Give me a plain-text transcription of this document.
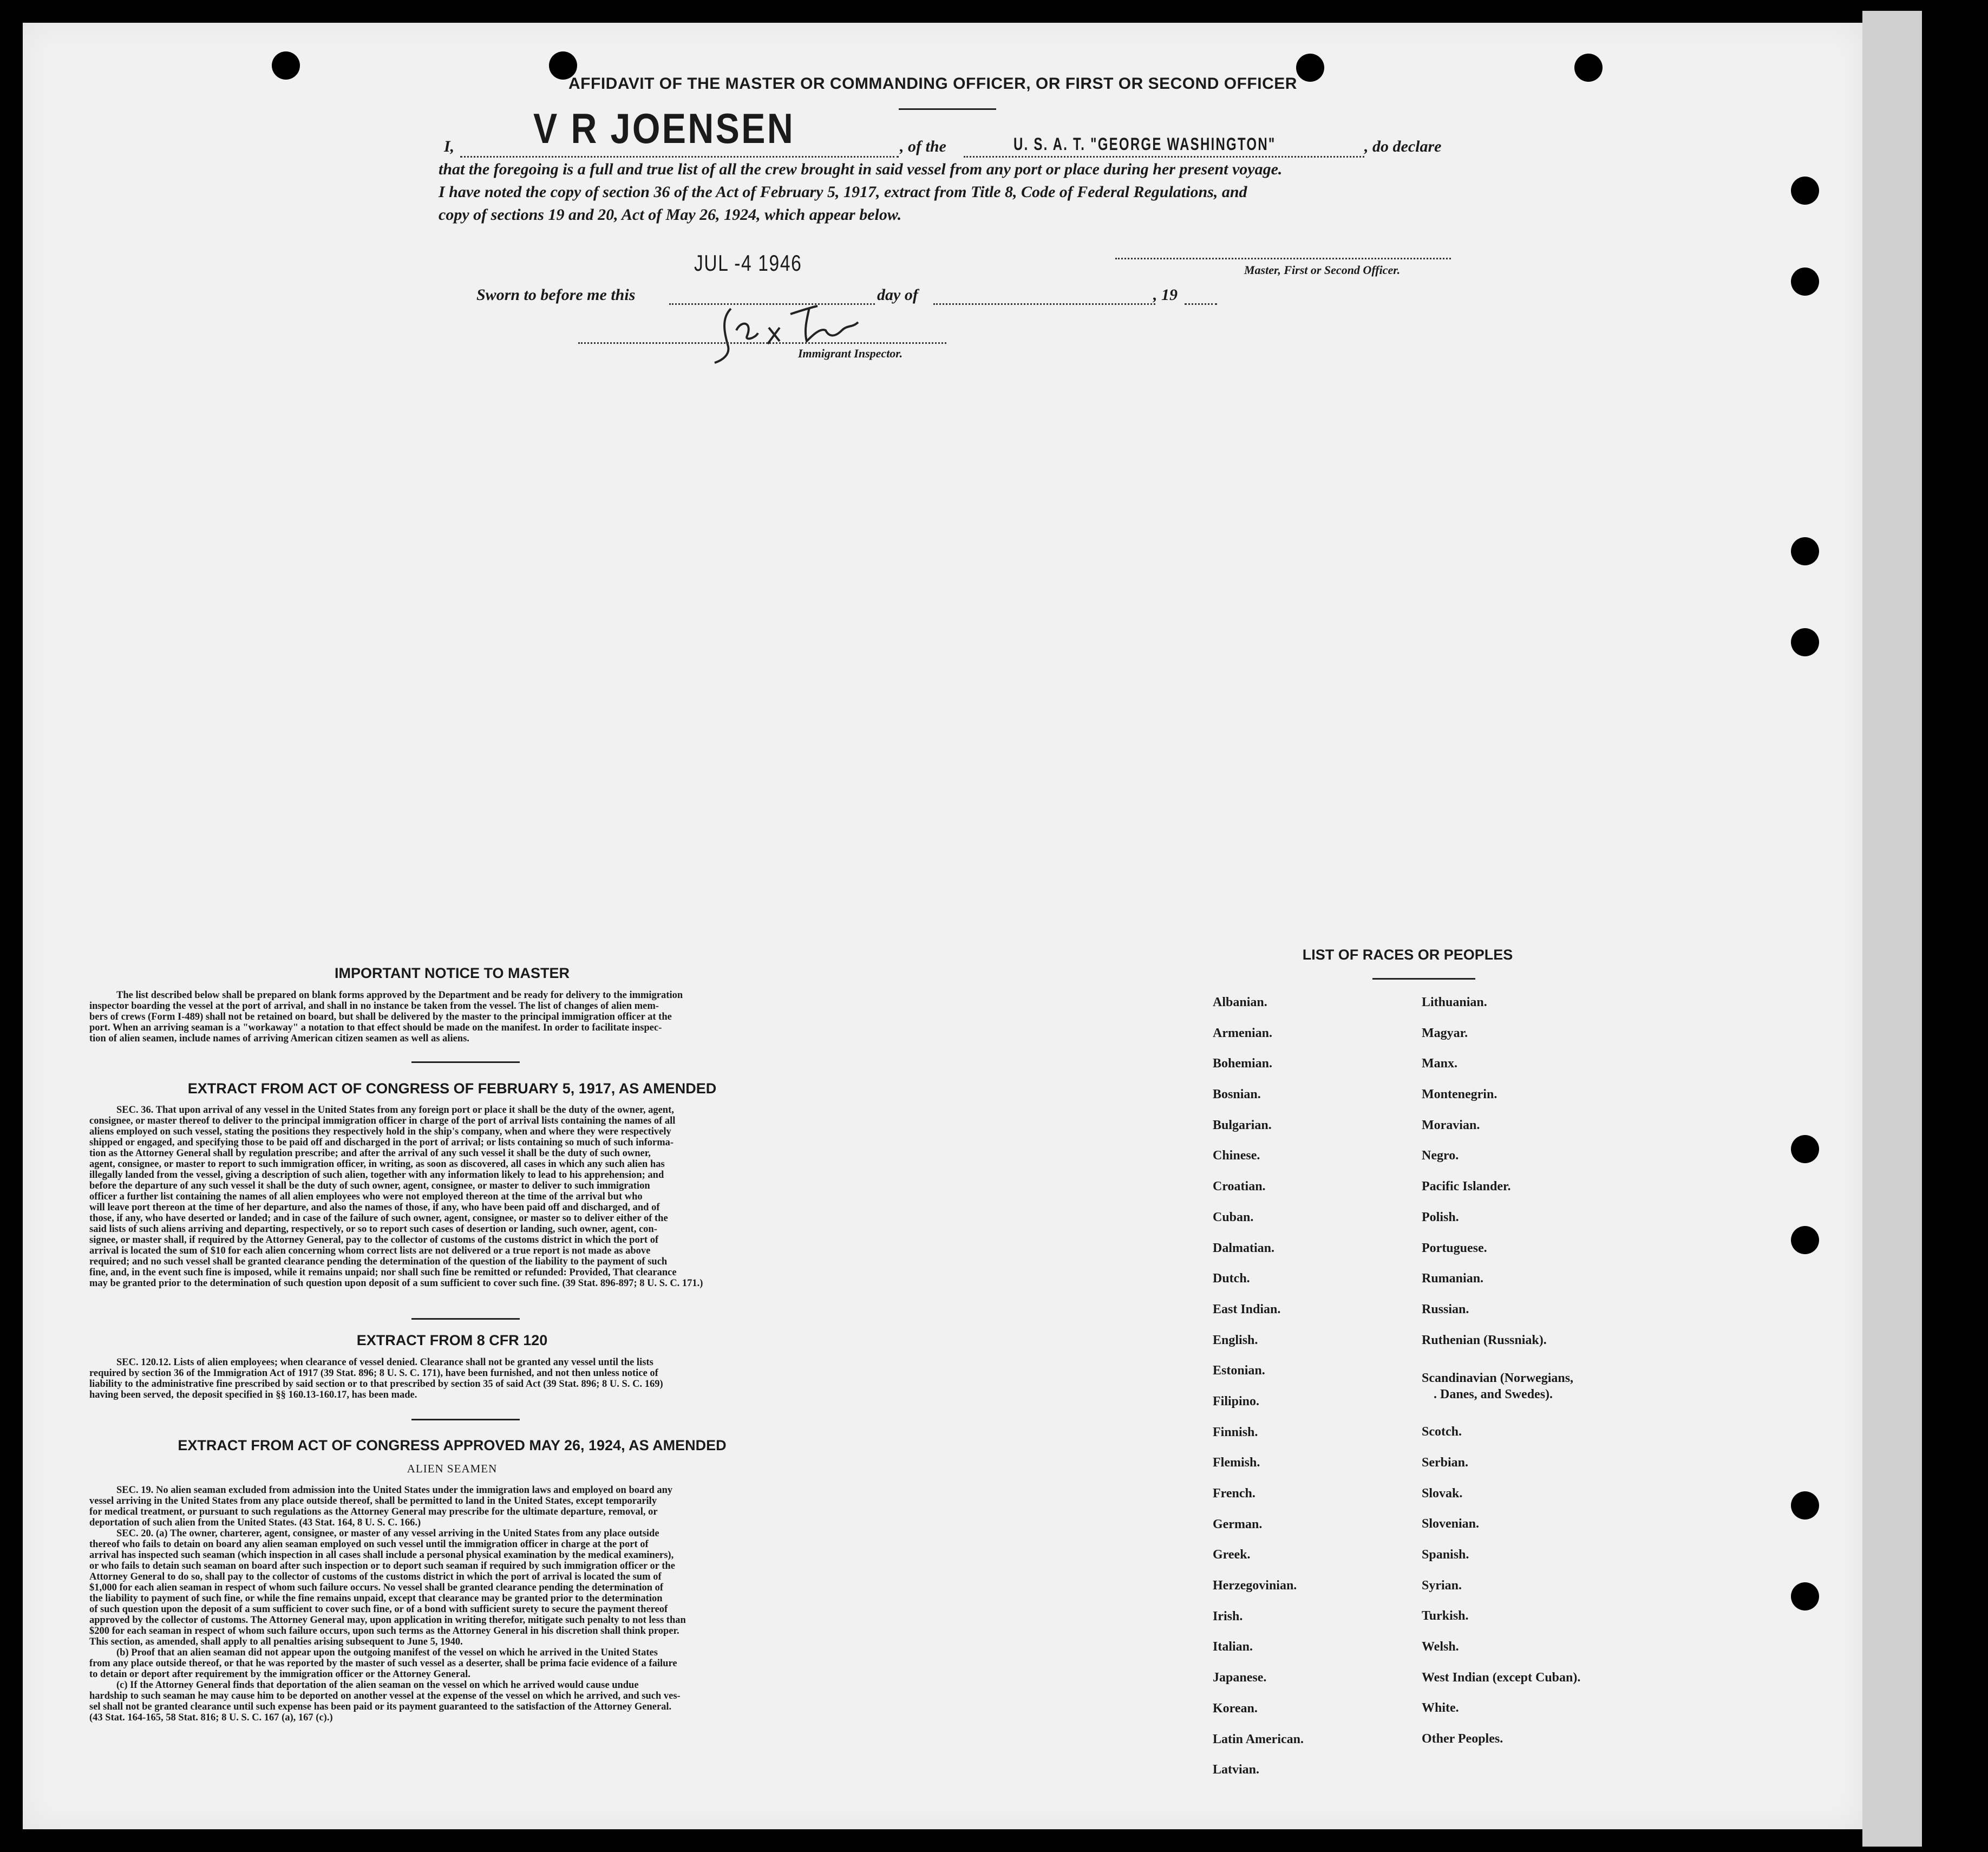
AFFIDAVIT OF THE MASTER OR COMMANDING OFFICER, OR FIRST OR SECOND OFFICER
I, V R JOENSEN	, of the	U. S. A. T. "GEORGE WASHINGTON"	, do declare
that the foregoing is a full and true list of all the crew brought in said vessel from any port or place during her present voyage.
I have noted the copy of section 36 of the Act of February 5, 1917, extract from Title 8, Code of Federal Regulations, and
copy of sections 19 and 20, Act of May 26, 1924, which appear below.
Master, First or Second Officer.
JUL -4 1946
Sworn to before me this	day of	, 19
Immigrant Inspector.
IMPORTANT NOTICE TO MASTER
The list described below shall be prepared on blank forms approved by the Department and be ready for delivery to the immigration
inspector boarding the vessel at the port of arrival, and shall in no instance be taken from the vessel. The list of changes of alien mem-
bers of crews (Form I-489) shall not be retained on board, but shall be delivered by the master to the principal immigration officer at the
port. When an arriving seaman is a "workaway" a notation to that effect should be made on the manifest. In order to facilitate inspec-
tion of alien seamen, include names of arriving American citizen seamen as well as aliens.
EXTRACT FROM ACT OF CONGRESS OF FEBRUARY 5, 1917, AS AMENDED
SEC. 36. That upon arrival of any vessel in the United States from any foreign port or place it shall be the duty of the owner, agent,
consignee, or master thereof to deliver to the principal immigration officer in charge of the port of arrival lists containing the names of all
aliens employed on such vessel, stating the positions they respectively hold in the ship's company, when and where they were respectively
shipped or engaged, and specifying those to be paid off and discharged in the port of arrival; or lists containing so much of such informa-
tion as the Attorney General shall by regulation prescribe; and after the arrival of any such vessel it shall be the duty of such owner,
agent, consignee, or master to report to such immigration officer, in writing, as soon as discovered, all cases in which any such alien has
illegally landed from the vessel, giving a description of such alien, together with any information likely to lead to his apprehension; and
before the departure of any such vessel it shall be the duty of such owner, agent, consignee, or master to deliver to such immigration
officer a further list containing the names of all alien employees who were not employed thereon at the time of the arrival but who
will leave port thereon at the time of her departure, and also the names of those, if any, who have been paid off and discharged, and of
those, if any, who have deserted or landed; and in case of the failure of such owner, agent, consignee, or master so to deliver either of the
said lists of such aliens arriving and departing, respectively, or so to report such cases of desertion or landing, such owner, agent, con-
signee, or master shall, if required by the Attorney General, pay to the collector of customs of the customs district in which the port of
arrival is located the sum of $10 for each alien concerning whom correct lists are not delivered or a true report is not made as above
required; and no such vessel shall be granted clearance pending the determination of the question of the liability to the payment of such
fine, and, in the event such fine is imposed, while it remains unpaid; nor shall such fine be remitted or refunded: Provided, That clearance
may be granted prior to the determination of such question upon deposit of a sum sufficient to cover such fine. (39 Stat. 896-897; 8 U. S. C. 171.)
EXTRACT FROM 8 CFR 120
SEC. 120.12. Lists of alien employees; when clearance of vessel denied. Clearance shall not be granted any vessel until the lists
required by section 36 of the Immigration Act of 1917 (39 Stat. 896; 8 U. S. C. 171), have been furnished, and not then unless notice of
liability to the administrative fine prescribed by said section or to that prescribed by section 35 of said Act (39 Stat. 896; 8 U. S. C. 169)
having been served, the deposit specified in §§ 160.13-160.17, has been made.
EXTRACT FROM ACT OF CONGRESS APPROVED MAY 26, 1924, AS AMENDED
ALIEN SEAMEN
SEC. 19. No alien seaman excluded from admission into the United States under the immigration laws and employed on board any
vessel arriving in the United States from any place outside thereof, shall be permitted to land in the United States, except temporarily
for medical treatment, or pursuant to such regulations as the Attorney General may prescribe for the ultimate departure, removal, or
deportation of such alien from the United States. (43 Stat. 164, 8 U. S. C. 166.)
SEC. 20. (a) The owner, charterer, agent, consignee, or master of any vessel arriving in the United States from any place outside
thereof who fails to detain on board any alien seaman employed on such vessel until the immigration officer in charge at the port of
arrival has inspected such seaman (which inspection in all cases shall include a personal physical examination by the medical examiners),
or who fails to detain such seaman on board after such inspection or to deport such seaman if required by such immigration officer or the
Attorney General to do so, shall pay to the collector of customs of the customs district in which the port of arrival is located the sum of
$1,000 for each alien seaman in respect of whom such failure occurs. No vessel shall be granted clearance pending the determination of
the liability to payment of such fine, or while the fine remains unpaid, except that clearance may be granted prior to the determination
of such question upon the deposit of a sum sufficient to cover such fine, or of a bond with sufficient surety to secure the payment thereof
approved by the collector of customs. The Attorney General may, upon application in writing therefor, mitigate such penalty to not less than
$200 for each seaman in respect of whom such failure occurs, upon such terms as the Attorney General in his discretion shall think proper.
This section, as amended, shall apply to all penalties arising subsequent to June 5, 1940.
(b) Proof that an alien seaman did not appear upon the outgoing manifest of the vessel on which he arrived in the United States
from any place outside thereof, or that he was reported by the master of such vessel as a deserter, shall be prima facie evidence of a failure
to detain or deport after requirement by the immigration officer or the Attorney General.
(c) If the Attorney General finds that deportation of the alien seaman on the vessel on which he arrived would cause undue
hardship to such seaman he may cause him to be deported on another vessel at the expense of the vessel on which he arrived, and such ves-
sel shall not be granted clearance until such expense has been paid or its payment guaranteed to the satisfaction of the Attorney General.
(43 Stat. 164-165, 58 Stat. 816; 8 U. S. C. 167 (a), 167 (c).)
LIST OF RACES OR PEOPLES
Albanian.
Armenian.
Bohemian.
Bosnian.
Bulgarian.
Chinese.
Croatian.
Cuban.
Dalmatian.
Dutch.
East Indian.
English.
Estonian.
Filipino.
Finnish.
Flemish.
French.
German.
Greek.
Herzegovinian.
Irish.
Italian.
Japanese.
Korean.
Latin American.
Latvian.
Lithuanian.
Magyar.
Manx.
Montenegrin.
Moravian.
Negro.
Pacific Islander.
Polish.
Portuguese.
Rumanian.
Russian.
Ruthenian (Russniak).
Scandinavian (Norwegians,
. Danes, and Swedes).
Scotch.
Serbian.
Slovak.
Slovenian.
Spanish.
Syrian.
Turkish.
Welsh.
West Indian (except Cuban).
White.
Other Peoples.
